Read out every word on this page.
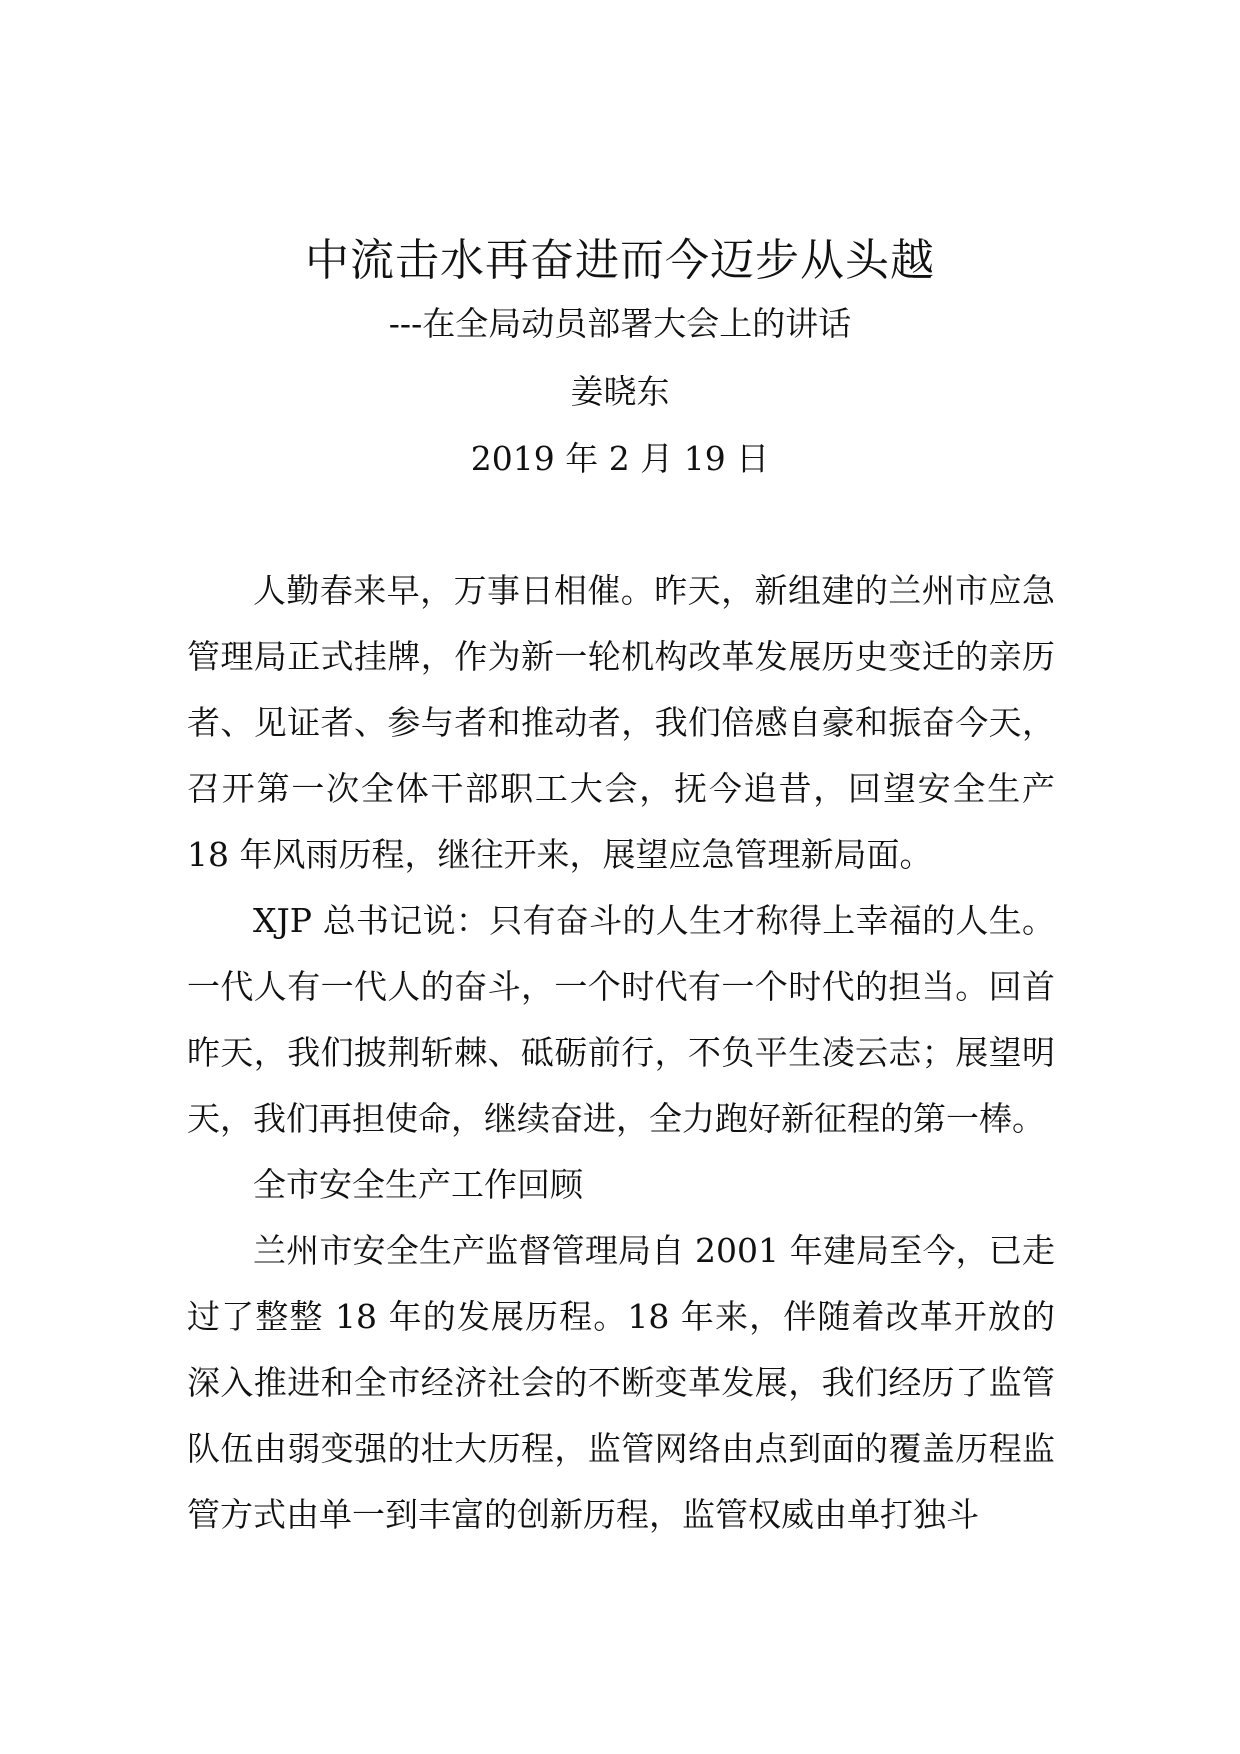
中流击水再奋进而今迈步从头越
---在全局动员部署大会上的讲话
姜晓东
2019 年 2 月 19 日

人勤春来早，万事日相催。昨天，新组建的兰州市应急管理局正式挂牌，作为新一轮机构改革发展历史变迁的亲历者、见证者、参与者和推动者，我们倍感自豪和振奋今天，召开第一次全体干部职工大会，抚今追昔，回望安全生产 18 年风雨历程，继往开来，展望应急管理新局面。

XJP 总书记说：只有奋斗的人生才称得上幸福的人生。一代人有一代人的奋斗，一个时代有一个时代的担当。回首昨天，我们披荆斩棘、砥砺前行，不负平生凌云志；展望明天，我们再担使命，继续奋进，全力跑好新征程的第一棒。

全市安全生产工作回顾

兰州市安全生产监督管理局自 2001 年建局至今，已走过了整整 18 年的发展历程。18 年来，伴随着改革开放的深入推进和全市经济社会的不断变革发展，我们经历了监管队伍由弱变强的壮大历程，监管网络由点到面的覆盖历程监管方式由单一到丰富的创新历程，监管权威由单打独斗
